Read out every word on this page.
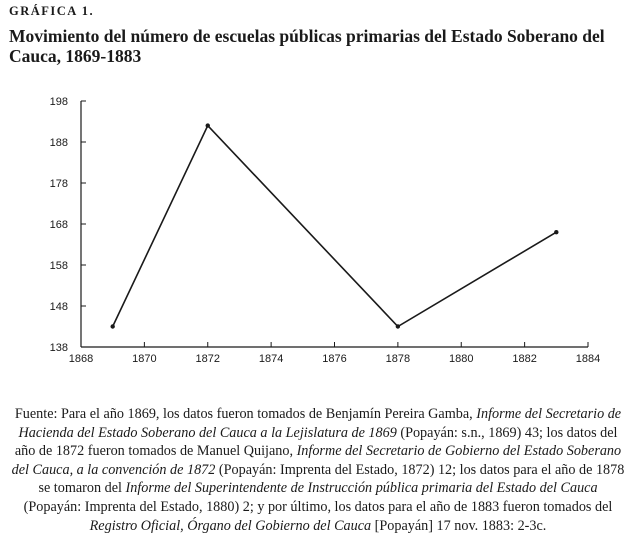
GRÁFICA 1.
Movimiento del número de escuelas públicas primarias del Estado Soberano del Cauca, 1869-1883
138
148
158
168
178
188
198
1868	1870	1872	1874	1876	1878	1880	1882	1884
Fuente: Para el año 1869, los datos fueron tomados de Benjamín Pereira Gamba, Informe del Secretario de Hacienda del Estado Soberano del Cauca a la Lejislatura de 1869 (Popayán: s.n., 1869) 43; los datos del año de 1872 fueron tomados de Manuel Quijano, Informe del Secretario de Gobierno del Estado Soberano del Cauca, a la convención de 1872 (Popayán: Imprenta del Estado, 1872) 12; los datos para el año de 1878 se tomaron del Informe del Superintendente de Instrucción pública primaria del Estado del Cauca (Popayán: Imprenta del Estado, 1880) 2; y por último, los datos para el año de 1883 fueron tomados del Registro Oficial, Órgano del Gobierno del Cauca [Popayán] 17 nov. 1883: 2-3c.
